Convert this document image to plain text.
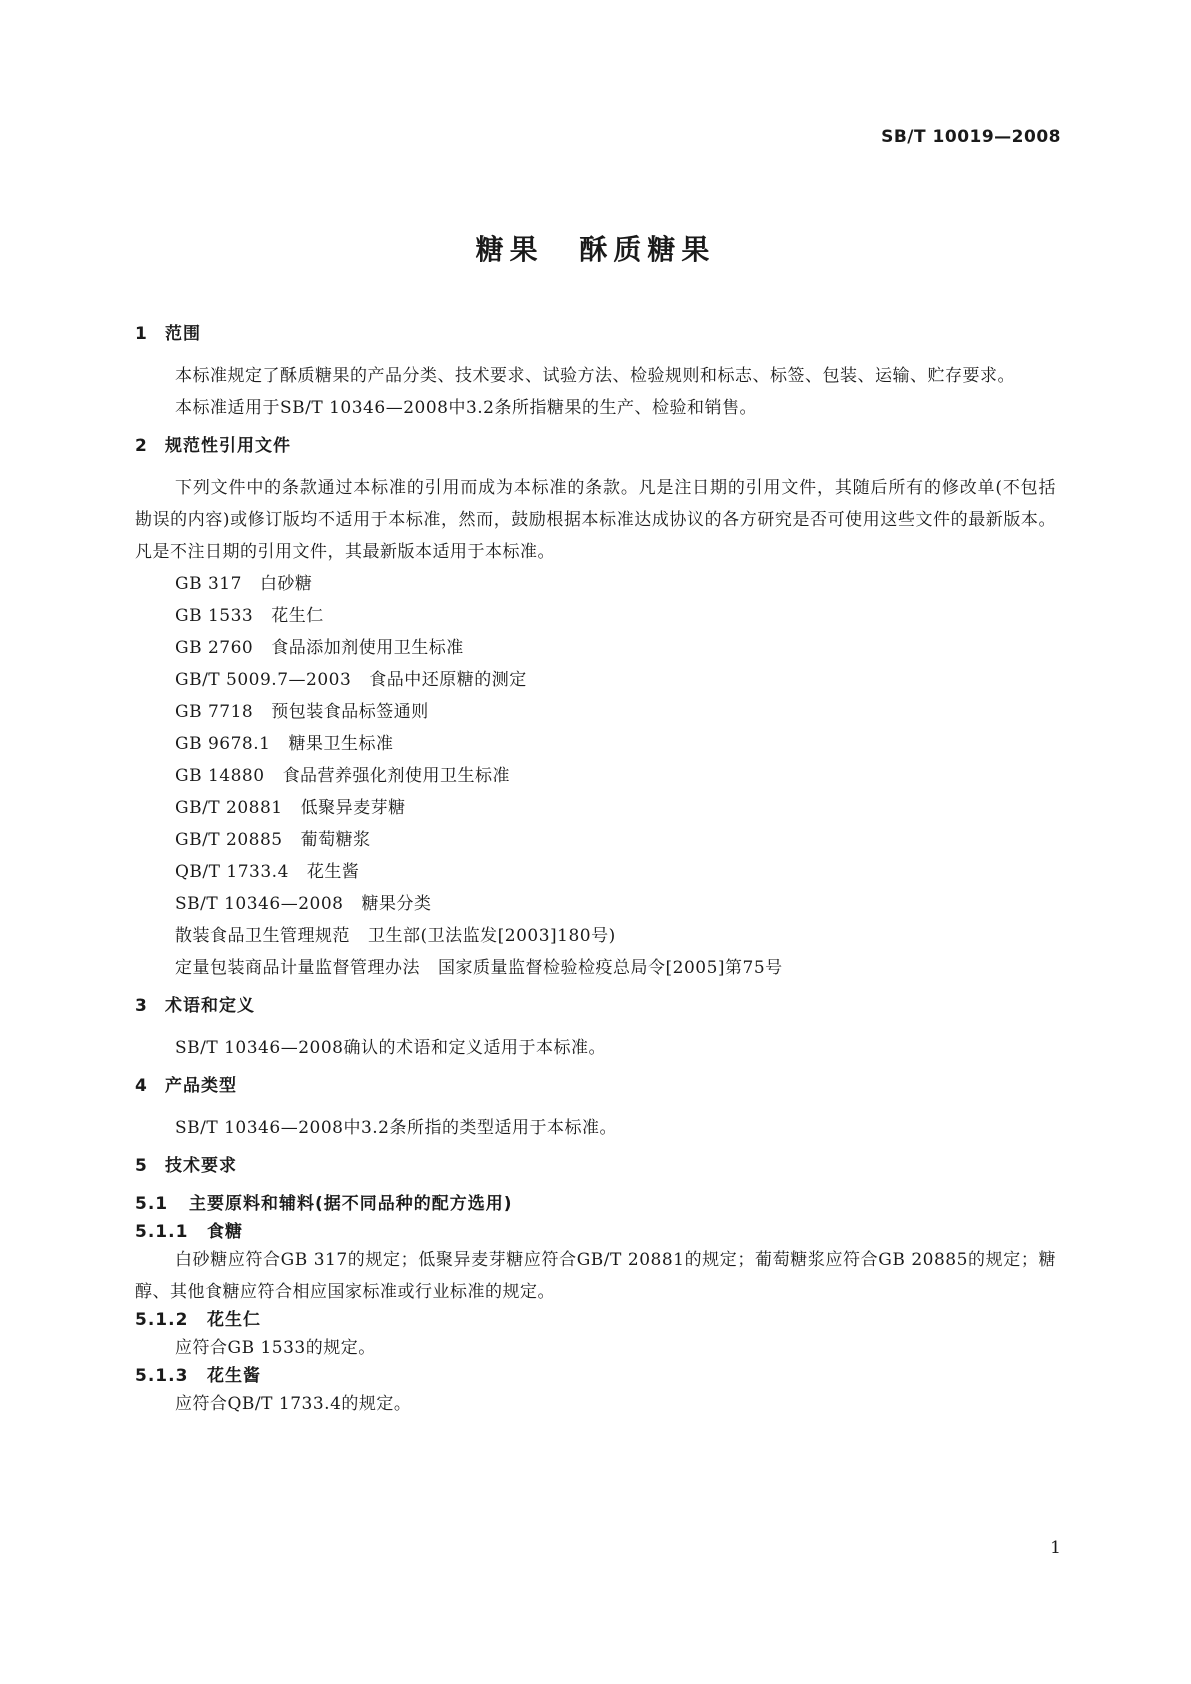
SB/T 10019—2008
糖果 酥质糖果
1 范围
本标准规定了酥质糖果的产品分类、技术要求、试验方法、检验规则和标志、标签、包装、运输、贮存要求。
本标准适用于SB/T 10346—2008中3.2条所指糖果的生产、检验和销售。
2 规范性引用文件
下列文件中的条款通过本标准的引用而成为本标准的条款。凡是注日期的引用文件，其随后所有的修改单(不包括勘误的内容)或修订版均不适用于本标准，然而，鼓励根据本标准达成协议的各方研究是否可使用这些文件的最新版本。凡是不注日期的引用文件，其最新版本适用于本标准。
GB 317 白砂糖
GB 1533 花生仁
GB 2760 食品添加剂使用卫生标准
GB/T 5009.7—2003 食品中还原糖的测定
GB 7718 预包装食品标签通则
GB 9678.1 糖果卫生标准
GB 14880 食品营养强化剂使用卫生标准
GB/T 20881 低聚异麦芽糖
GB/T 20885 葡萄糖浆
QB/T 1733.4 花生酱
SB/T 10346—2008 糖果分类
散装食品卫生管理规范 卫生部(卫法监发[2003]180号)
定量包装商品计量监督管理办法 国家质量监督检验检疫总局令[2005]第75号
3 术语和定义
SB/T 10346—2008确认的术语和定义适用于本标准。
4 产品类型
SB/T 10346—2008中3.2条所指的类型适用于本标准。
5 技术要求
5.1 主要原料和辅料(据不同品种的配方选用)
5.1.1 食糖
白砂糖应符合GB 317的规定；低聚异麦芽糖应符合GB/T 20881的规定；葡萄糖浆应符合GB 20885的规定；糖醇、其他食糖应符合相应国家标准或行业标准的规定。
5.1.2 花生仁
应符合GB 1533的规定。
5.1.3 花生酱
应符合QB/T 1733.4的规定。
1
